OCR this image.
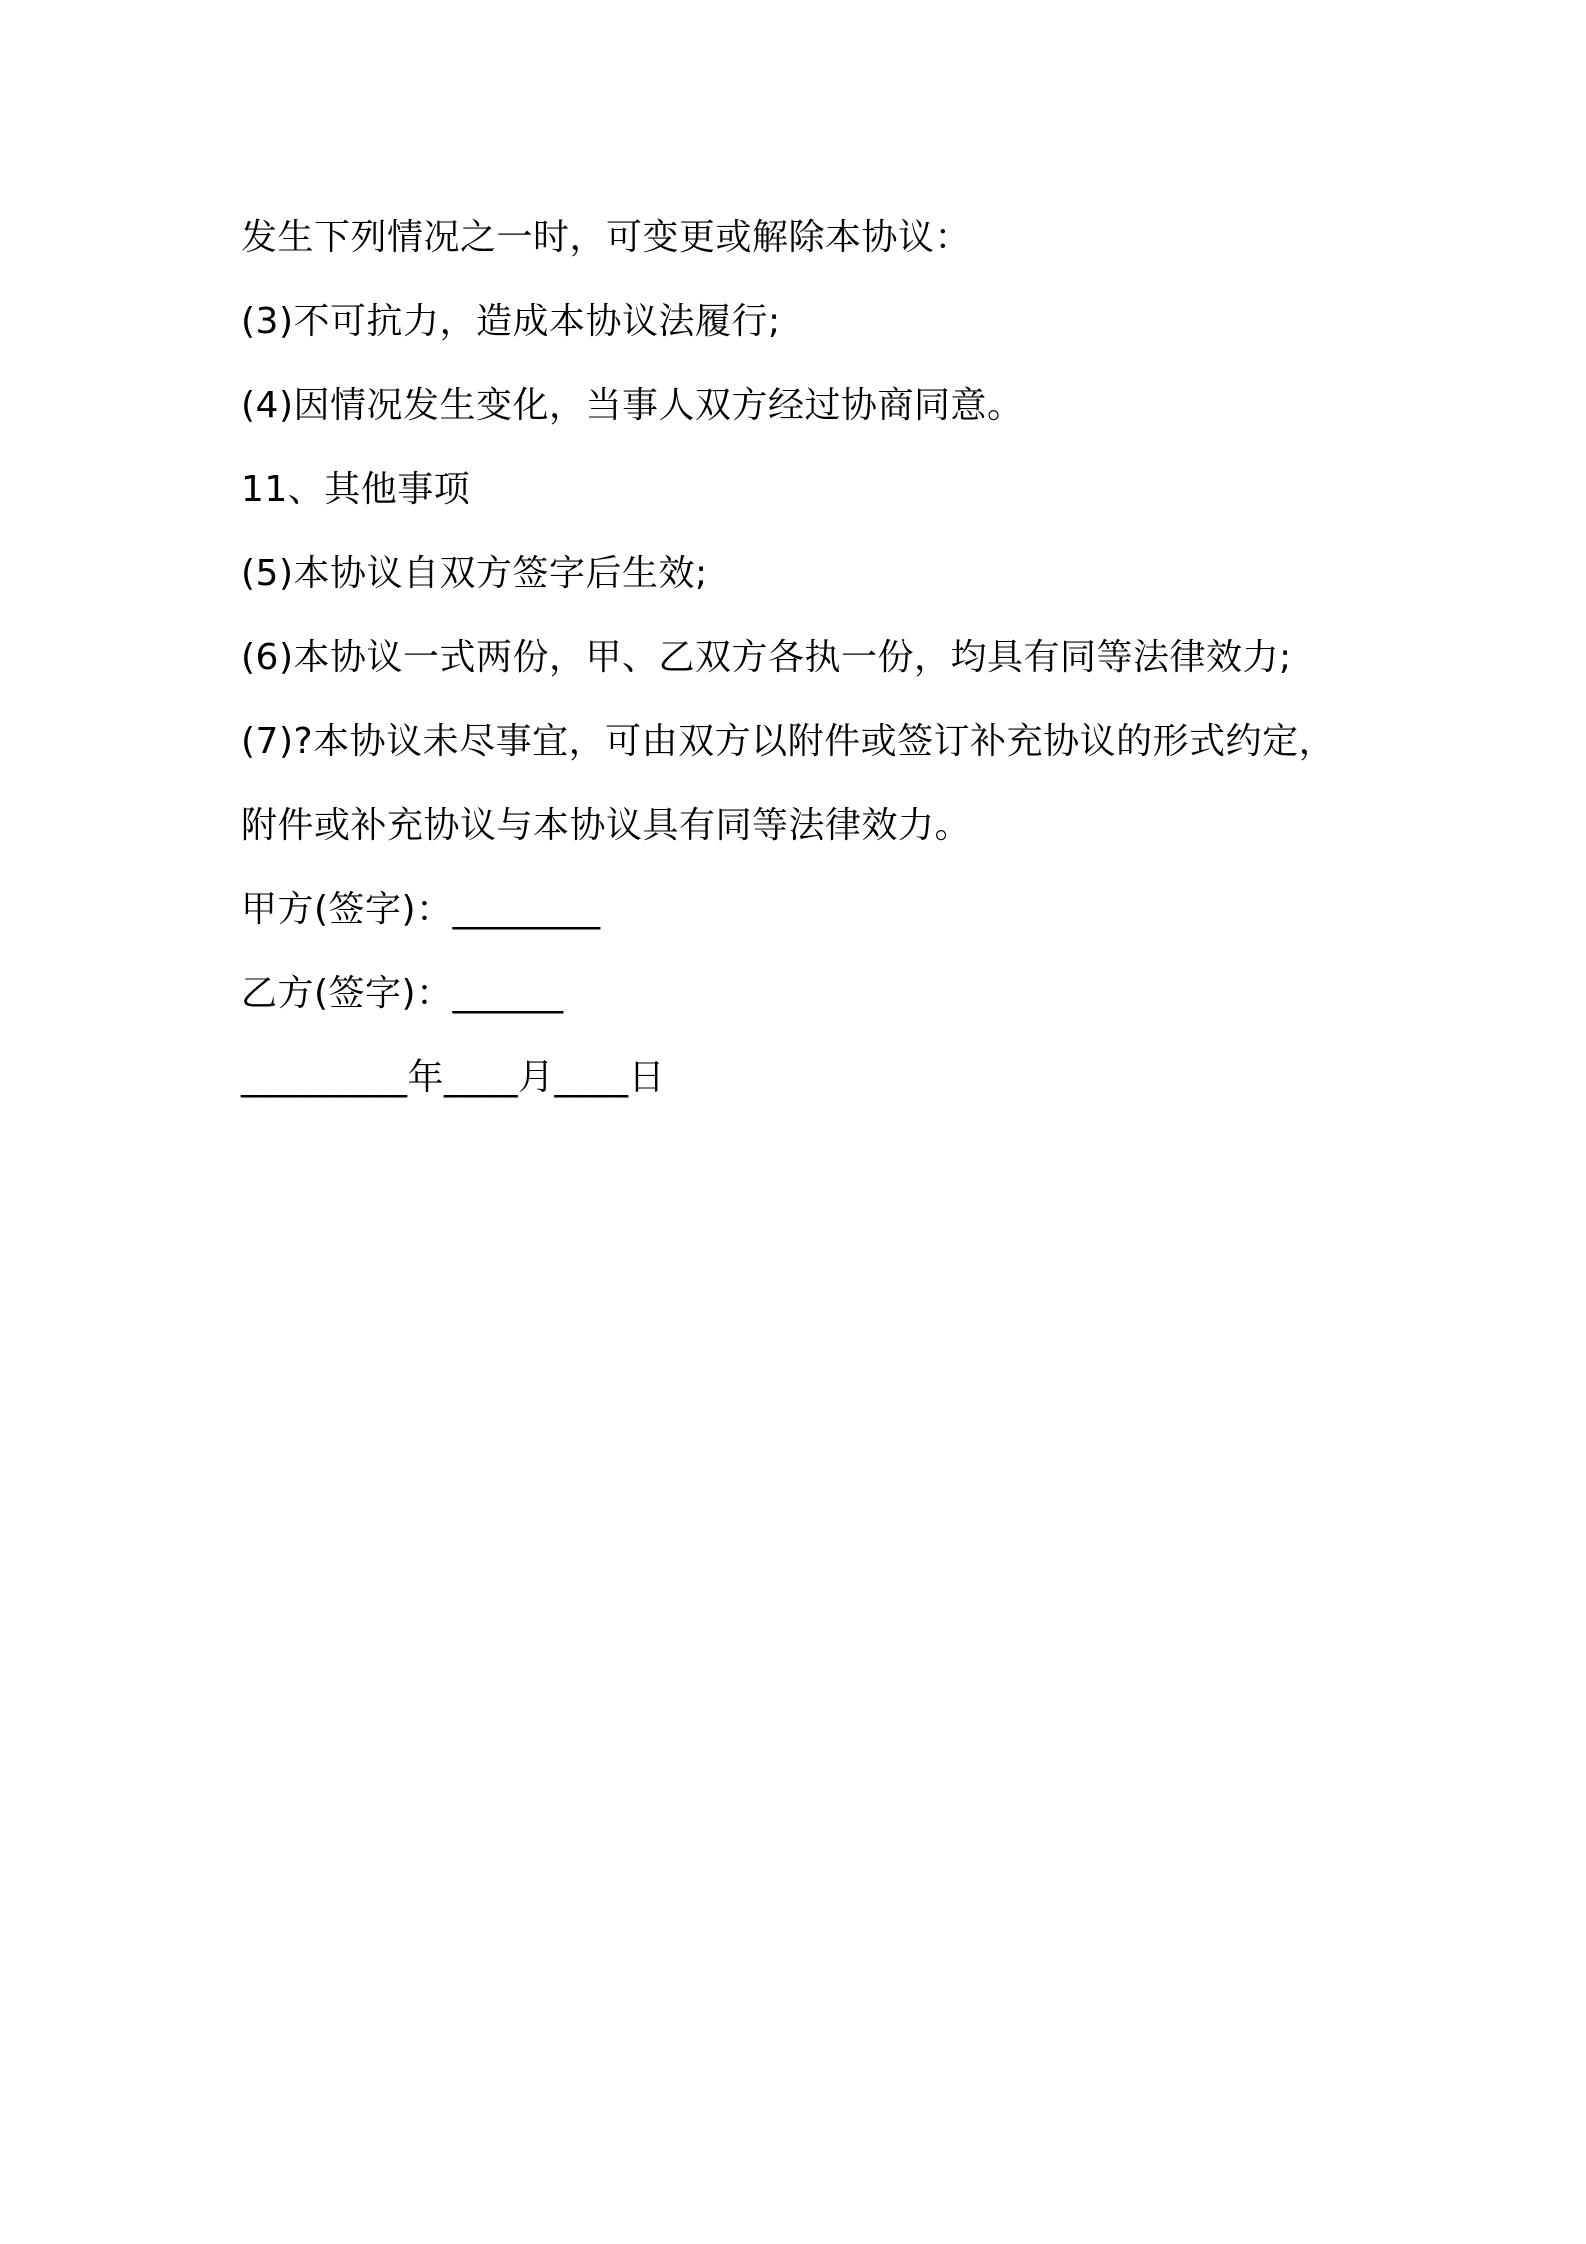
发生下列情况之一时，可变更或解除本协议：
(3)不可抗力，造成本协议法履行;
(4)因情况发生变化，当事人双方经过协商同意。
11、其他事项
(5)本协议自双方签字后生效;
(6)本协议一式两份，甲、乙双方各执一份，均具有同等法律效力;
(7)?本协议未尽事宜，可由双方以附件或签订补充协议的形式约定，
附件或补充协议与本协议具有同等法律效力。
甲方(签字)：________
乙方(签字)：______
_________年____月____日
